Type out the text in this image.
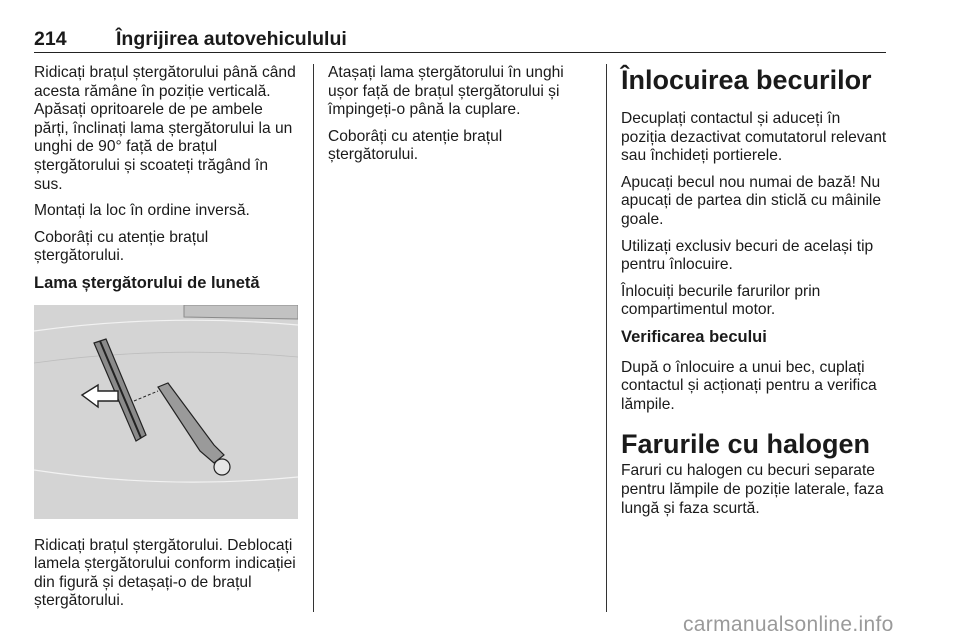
214	Îngrijirea autovehiculului

Ridicați brațul ștergătorului până când acesta rămâne în poziție verticală. Apăsați opritoarele de pe ambele părți, înclinați lama ștergătorului la un unghi de 90° față de brațul ștergătorului și scoateți trăgând în sus.

Montați la loc în ordine inversă.

Coborâți cu atenție brațul ștergătorului.

Lama ștergătorului de lunetă

Ridicați brațul ștergătorului. Deblocați lamela ștergătorului conform indicației din figură și detașați-o de brațul ștergătorului.

Atașați lama ștergătorului în unghi ușor față de brațul ștergătorului și împingeți-o până la cuplare.

Coborâți cu atenție brațul ștergătorului.

Înlocuirea becurilor

Decuplați contactul și aduceți în poziția dezactivat comutatorul relevant sau închideți portierele.

Apucați becul nou numai de bază! Nu apucați de partea din sticlă cu mâinile goale.

Utilizați exclusiv becuri de același tip pentru înlocuire.

Înlocuiți becurile farurilor prin compartimentul motor.

Verificarea becului

După o înlocuire a unui bec, cuplați contactul și acționați pentru a verifica lămpile.

Farurile cu halogen

Faruri cu halogen cu becuri separate pentru lămpile de poziție laterale, faza lungă și faza scurtă.

carmanualsonline.info
